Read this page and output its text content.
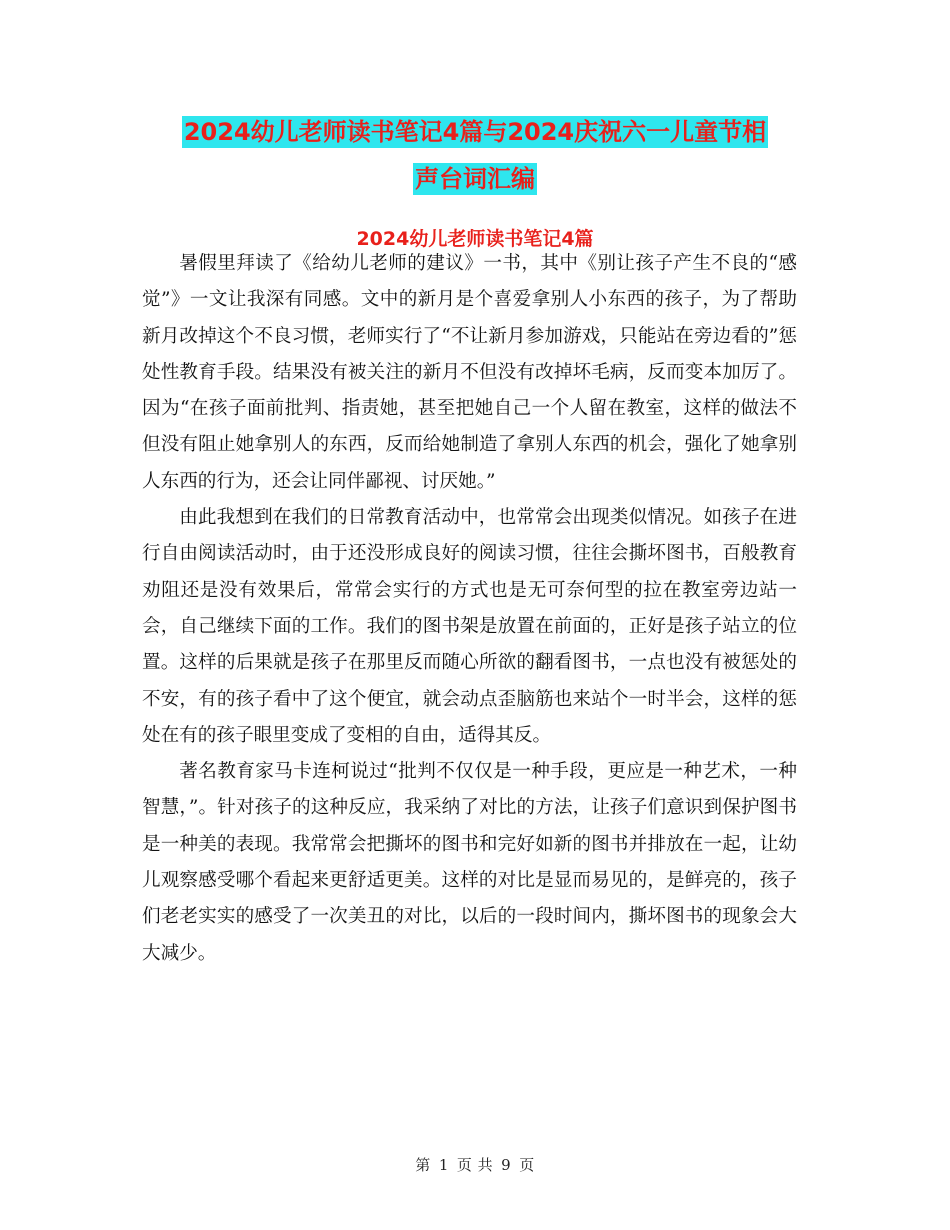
2024幼儿老师读书笔记4篇与2024庆祝六一儿童节相
声台词汇编
2024幼儿老师读书笔记4篇

暑假里拜读了《给幼儿老师的建议》一书，其中《别让孩子产生不良的“感觉”》一文让我深有同感。文中的新月是个喜爱拿别人小东西的孩子，为了帮助新月改掉这个不良习惯，老师实行了“不让新月参加游戏，只能站在旁边看的”惩处性教育手段。结果没有被关注的新月不但没有改掉坏毛病，反而变本加厉了。因为“在孩子面前批判、指责她，甚至把她自己一个人留在教室，这样的做法不但没有阻止她拿别人的东西，反而给她制造了拿别人东西的机会，强化了她拿别人东西的行为，还会让同伴鄙视、讨厌她。”

由此我想到在我们的日常教育活动中，也常常会出现类似情况。如孩子在进行自由阅读活动时，由于还没形成良好的阅读习惯，往往会撕坏图书，百般教育劝阻还是没有效果后，常常会实行的方式也是无可奈何型的拉在教室旁边站一会，自己继续下面的工作。我们的图书架是放置在前面的，正好是孩子站立的位置。这样的后果就是孩子在那里反而随心所欲的翻看图书，一点也没有被惩处的不安，有的孩子看中了这个便宜，就会动点歪脑筋也来站个一时半会，这样的惩处在有的孩子眼里变成了变相的自由，适得其反。

著名教育家马卡连柯说过“批判不仅仅是一种手段，更应是一种艺术，一种智慧，”。针对孩子的这种反应，我采纳了对比的方法，让孩子们意识到保护图书是一种美的表现。我常常会把撕坏的图书和完好如新的图书并排放在一起，让幼儿观察感受哪个看起来更舒适更美。这样的对比是显而易见的，是鲜亮的，孩子们老老实实的感受了一次美丑的对比，以后的一段时间内，撕坏图书的现象会大大减少。

第 1 页 共 9 页
